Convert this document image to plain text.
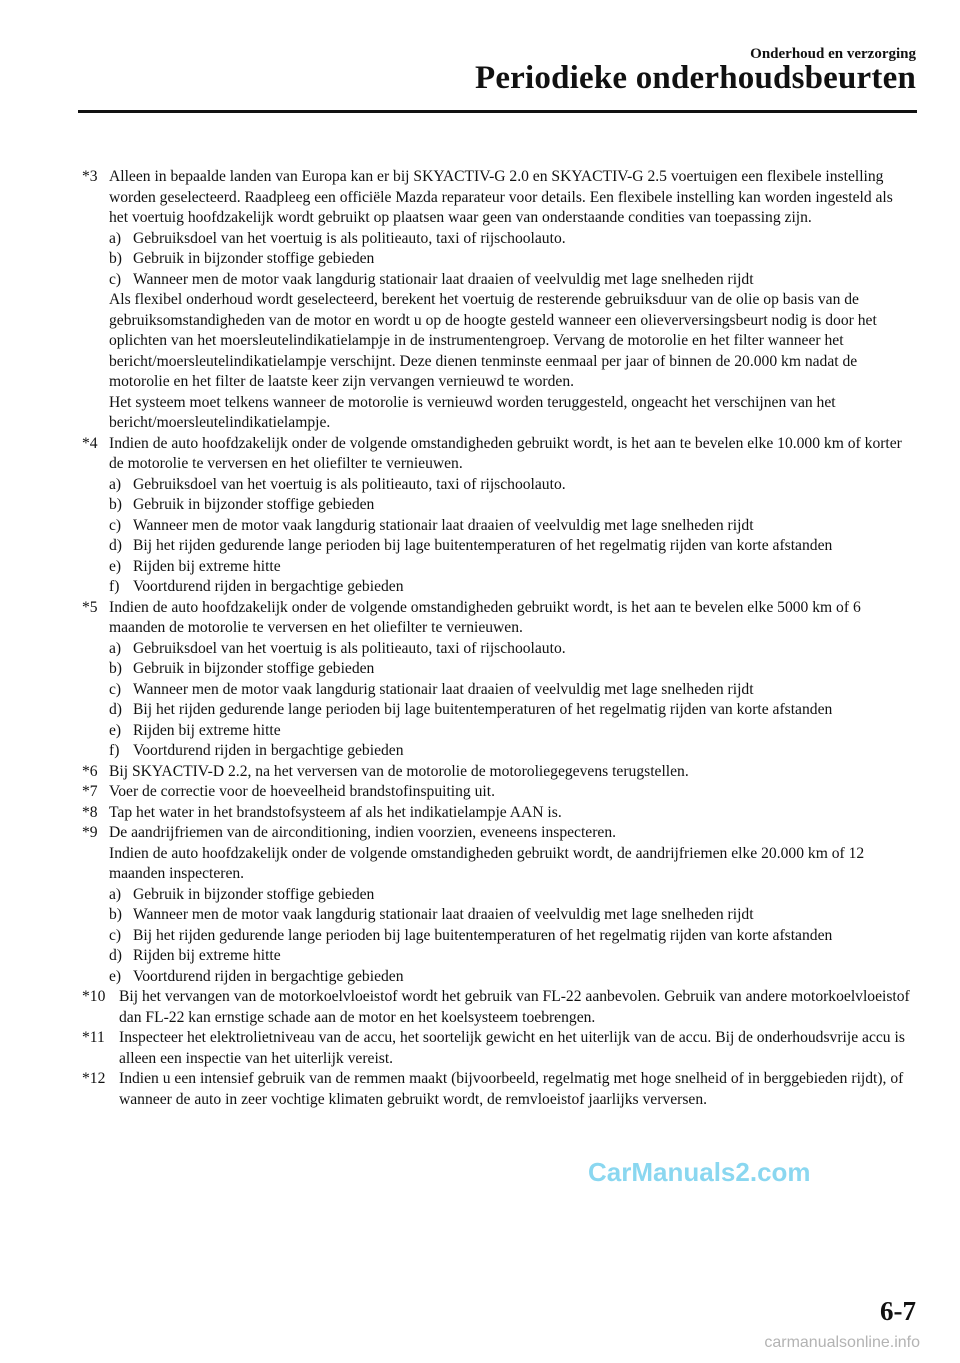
Onderhoud en verzorging
Periodieke onderhoudsbeurten
*3 Alleen in bepaalde landen van Europa kan er bij SKYACTIV-G 2.0 en SKYACTIV-G 2.5 voertuigen een flexibele instelling worden geselecteerd. Raadpleeg een officiële Mazda reparateur voor details. Een flexibele instelling kan worden ingesteld als het voertuig hoofdzakelijk wordt gebruikt op plaatsen waar geen van onderstaande condities van toepassing zijn.

a) Gebruiksdoel van het voertuig is als politieauto, taxi of rijschoolauto.
b) Gebruik in bijzonder stoffige gebieden
c) Wanneer men de motor vaak langdurig stationair laat draaien of veelvuldig met lage snelheden rijdt

Als flexibel onderhoud wordt geselecteerd, berekent het voertuig de resterende gebruiksduur van de olie op basis van de gebruiksomstandigheden van de motor en wordt u op de hoogte gesteld wanneer een olieverversingsbeurt nodig is door het oplichten van het moersleutelindikatielampje in de instrumentengroep. Vervang de motorolie en het filter wanneer het bericht/moersleutelindikatielampje verschijnt. Deze dienen tenminste eenmaal per jaar of binnen de 20.000 km nadat de motorolie en het filter de laatste keer zijn vervangen vernieuwd te worden.

Het systeem moet telkens wanneer de motorolie is vernieuwd worden teruggesteld, ongeacht het verschijnen van het bericht/moersleutelindikatielampje.

*4 Indien de auto hoofdzakelijk onder de volgende omstandigheden gebruikt wordt, is het aan te bevelen elke 10.000 km of korter de motorolie te verversen en het oliefilter te vernieuwen.

a) Gebruiksdoel van het voertuig is als politieauto, taxi of rijschoolauto.
b) Gebruik in bijzonder stoffige gebieden
c) Wanneer men de motor vaak langdurig stationair laat draaien of veelvuldig met lage snelheden rijdt
d) Bij het rijden gedurende lange perioden bij lage buitentemperaturen of het regelmatig rijden van korte afstanden
e) Rijden bij extreme hitte
f) Voortdurend rijden in bergachtige gebieden
*5 Indien de auto hoofdzakelijk onder de volgende omstandigheden gebruikt wordt, is het aan te bevelen elke 5000 km of 6 maanden de motorolie te verversen en het oliefilter te vernieuwen.

a) Gebruiksdoel van het voertuig is als politieauto, taxi of rijschoolauto.
b) Gebruik in bijzonder stoffige gebieden
c) Wanneer men de motor vaak langdurig stationair laat draaien of veelvuldig met lage snelheden rijdt
d) Bij het rijden gedurende lange perioden bij lage buitentemperaturen of het regelmatig rijden van korte afstanden
e) Rijden bij extreme hitte
f) Voortdurend rijden in bergachtige gebieden
*6 Bij SKYACTIV-D 2.2, na het verversen van de motorolie de motoroliegegevens terugstellen.

*7 Voer de correctie voor de hoeveelheid brandstofinspuiting uit.

*8 Tap het water in het brandstofsysteem af als het indikatielampje AAN is.

*9 De aandrijfriemen van de airconditioning, indien voorzien, eveneens inspecteren.

Indien de auto hoofdzakelijk onder de volgende omstandigheden gebruikt wordt, de aandrijfriemen elke 20.000 km of 12 maanden inspecteren.

a) Gebruik in bijzonder stoffige gebieden
b) Wanneer men de motor vaak langdurig stationair laat draaien of veelvuldig met lage snelheden rijdt
c) Bij het rijden gedurende lange perioden bij lage buitentemperaturen of het regelmatig rijden van korte afstanden
d) Rijden bij extreme hitte
e) Voortdurend rijden in bergachtige gebieden
*10 Bij het vervangen van de motorkoelvloeistof wordt het gebruik van FL-22 aanbevolen. Gebruik van andere motorkoelvloeistof dan FL-22 kan ernstige schade aan de motor en het koelsysteem toebrengen.

*11 Inspecteer het elektrolietniveau van de accu, het soortelijk gewicht en het uiterlijk van de accu. Bij de onderhoudsvrije accu is alleen een inspectie van het uiterlijk vereist.

*12 Indien u een intensief gebruik van de remmen maakt (bijvoorbeeld, regelmatig met hoge snelheid of in berggebieden rijdt), of wanneer de auto in zeer vochtige klimaten gebruikt wordt, de remvloeistof jaarlijks verversen.

6-7
CarManuals2.com
carmanualsonline.info
